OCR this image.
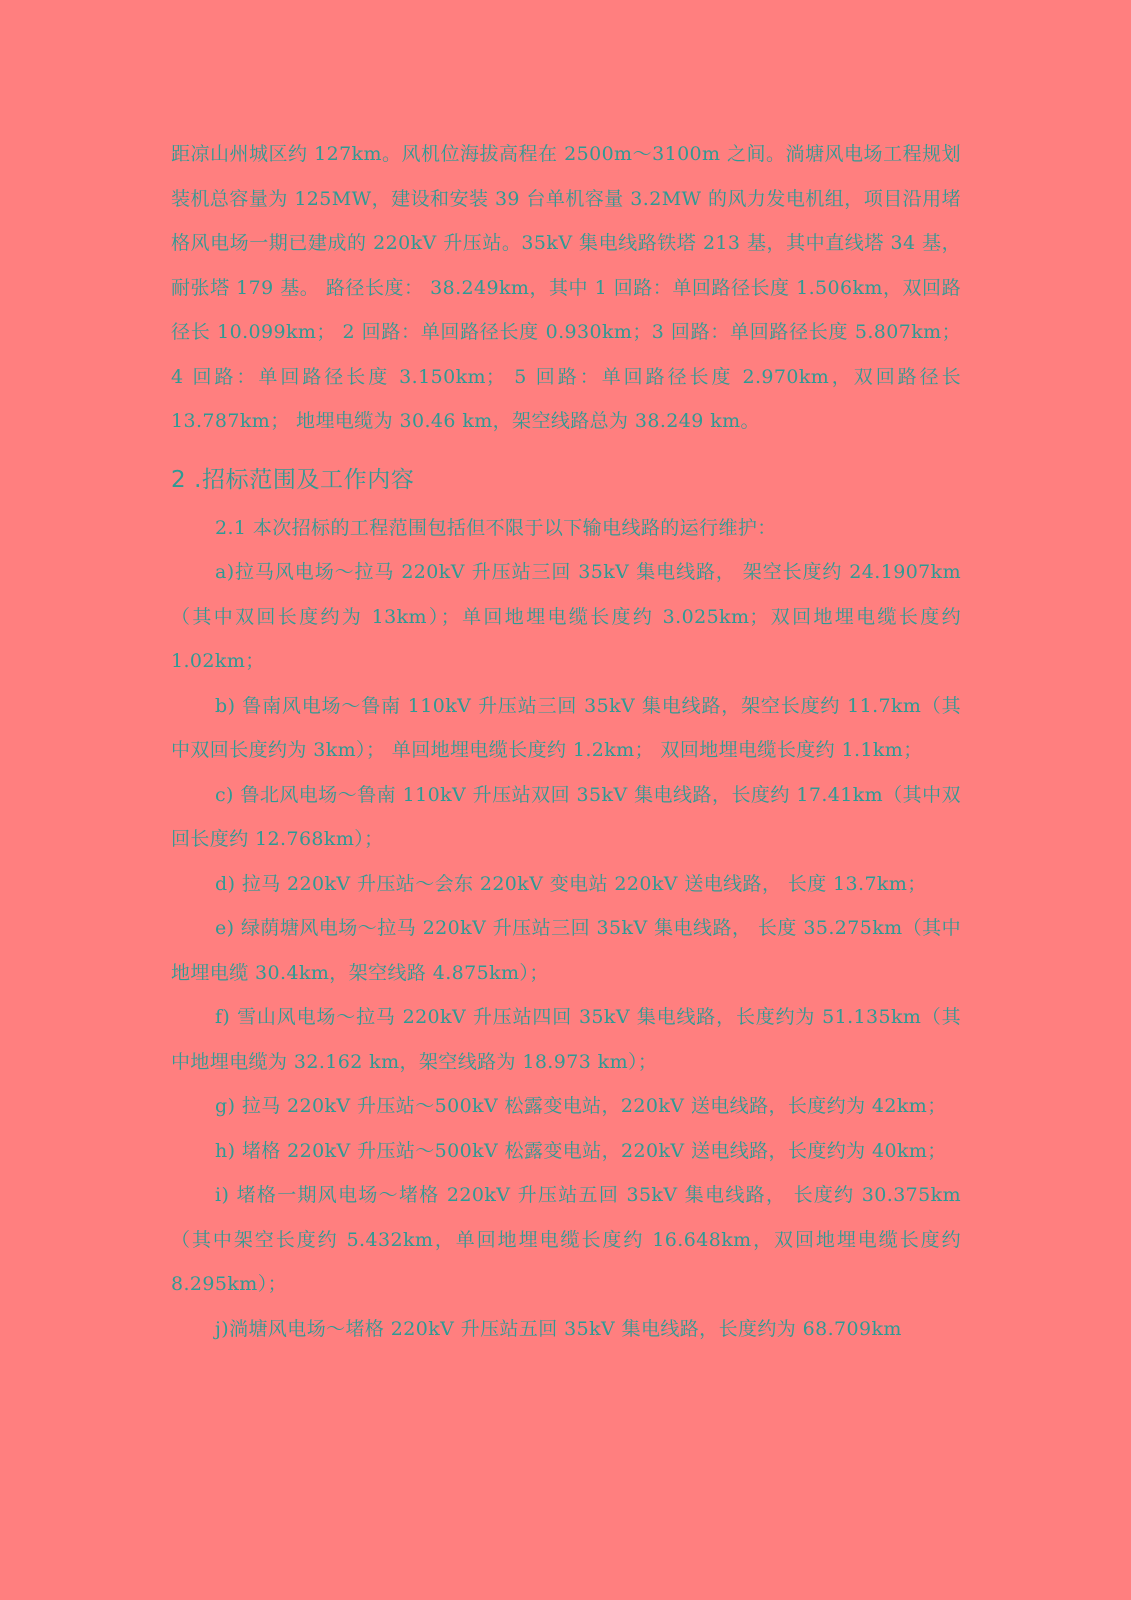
距凉山州城区约 127km。风机位海拔高程在 2500m～3100m 之间。淌塘风电场工程规划装机总容量为 125MW，建设和安装 39 台单机容量 3.2MW 的风力发电机组，项目沿用堵格风电场一期已建成的 220kV 升压站。35kV 集电线路铁塔 213 基，其中直线塔 34 基，耐张塔 179 基。 路径长度： 38.249km，其中 1 回路：单回路径长度 1.506km，双回路径长 10.099km； 2 回路：单回路径长度 0.930km；3 回路：单回路径长度 5.807km； 4 回路：单回路径长度 3.150km； 5 回路：单回路径长度 2.970km，双回路径长 13.787km； 地埋电缆为 30.46 km，架空线路总为 38.249 km。

2 .招标范围及工作内容

2.1 本次招标的工程范围包括但不限于以下输电线路的运行维护：

a)拉马风电场～拉马 220kV 升压站三回 35kV 集电线路， 架空长度约 24.1907km（其中双回长度约为 13km）；单回地埋电缆长度约 3.025km；双回地埋电缆长度约 1.02km；

b) 鲁南风电场～鲁南 110kV 升压站三回 35kV 集电线路，架空长度约 11.7km（其中双回长度约为 3km）； 单回地埋电缆长度约 1.2km； 双回地埋电缆长度约 1.1km；

c) 鲁北风电场～鲁南 110kV 升压站双回 35kV 集电线路，长度约 17.41km（其中双回长度约 12.768km）；

d) 拉马 220kV 升压站～会东 220kV 变电站 220kV 送电线路， 长度 13.7km；

e) 绿荫塘风电场～拉马 220kV 升压站三回 35kV 集电线路， 长度 35.275km（其中地埋电缆 30.4km，架空线路 4.875km）；

f) 雪山风电场～拉马 220kV 升压站四回 35kV 集电线路，长度约为 51.135km（其中地埋电缆为 32.162 km，架空线路为 18.973 km）；

g) 拉马 220kV 升压站～500kV 松露变电站，220kV 送电线路，长度约为 42km；

h) 堵格 220kV 升压站～500kV 松露变电站，220kV 送电线路，长度约为 40km；

i) 堵格一期风电场～堵格 220kV 升压站五回 35kV 集电线路， 长度约 30.375km（其中架空长度约 5.432km，单回地埋电缆长度约 16.648km，双回地埋电缆长度约 8.295km）；

j)淌塘风电场～堵格 220kV 升压站五回 35kV 集电线路，长度约为 68.709km
